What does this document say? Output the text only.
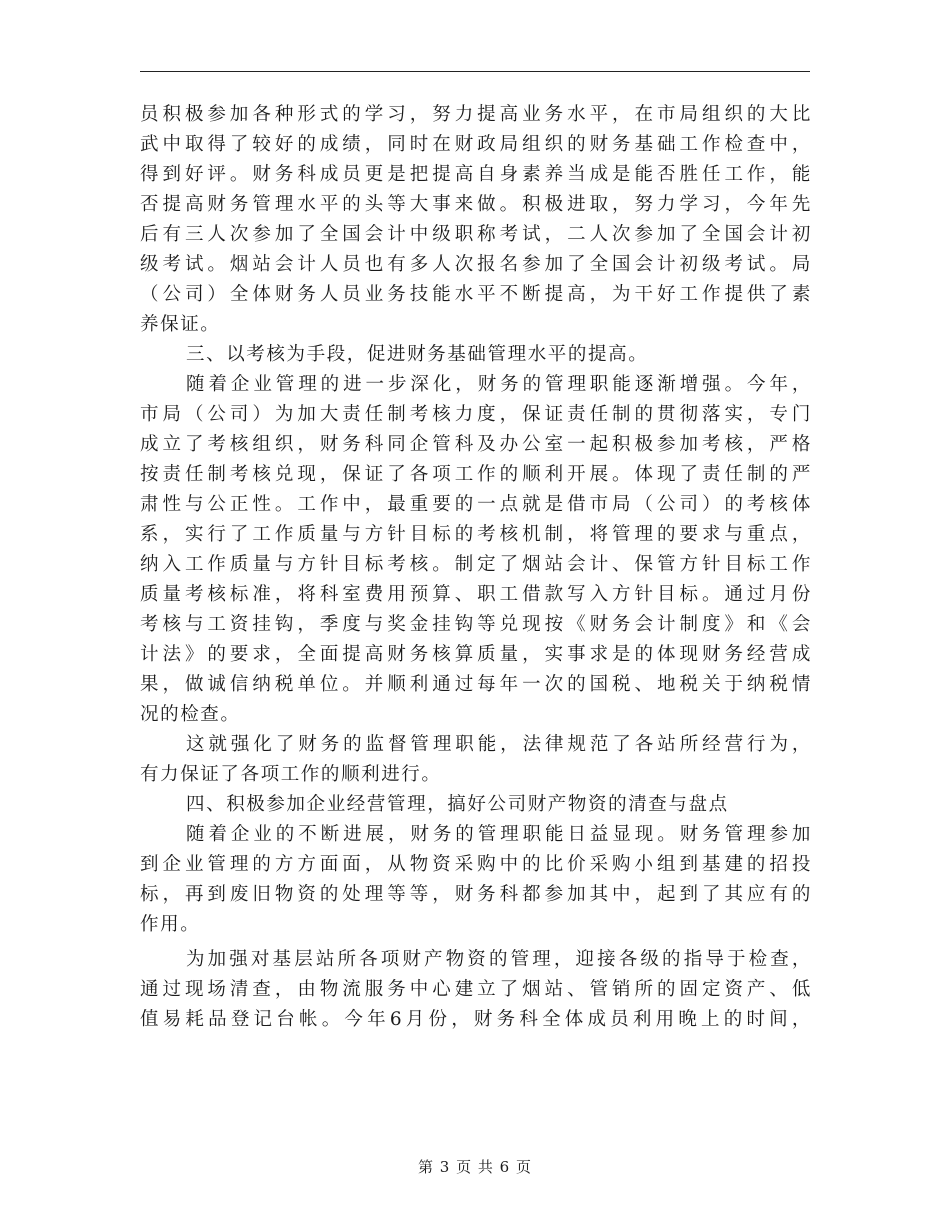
员积极参加各种形式的学习，努力提高业务水平，在市局组织的大比
武中取得了较好的成绩，同时在财政局组织的财务基础工作检查中，
得到好评。财务科成员更是把提高自身素养当成是能否胜任工作，能
否提高财务管理水平的头等大事来做。积极进取，努力学习，今年先
后有三人次参加了全国会计中级职称考试，二人次参加了全国会计初
级考试。烟站会计人员也有多人次报名参加了全国会计初级考试。局
（公司）全体财务人员业务技能水平不断提高，为干好工作提供了素
养保证。
三、以考核为手段，促进财务基础管理水平的提高。
随着企业管理的进一步深化，财务的管理职能逐渐增强。今年，
市局（公司）为加大责任制考核力度，保证责任制的贯彻落实，专门
成立了考核组织，财务科同企管科及办公室一起积极参加考核，严格
按责任制考核兑现，保证了各项工作的顺利开展。体现了责任制的严
肃性与公正性。工作中，最重要的一点就是借市局（公司）的考核体
系，实行了工作质量与方针目标的考核机制，将管理的要求与重点，
纳入工作质量与方针目标考核。制定了烟站会计、保管方针目标工作
质量考核标准，将科室费用预算、职工借款写入方针目标。通过月份
考核与工资挂钩，季度与奖金挂钩等兑现按《财务会计制度》和《会
计法》的要求，全面提高财务核算质量，实事求是的体现财务经营成
果，做诚信纳税单位。并顺利通过每年一次的国税、地税关于纳税情
况的检查。
这就强化了财务的监督管理职能，法律规范了各站所经营行为，
有力保证了各项工作的顺利进行。
四、积极参加企业经营管理，搞好公司财产物资的清查与盘点
随着企业的不断进展，财务的管理职能日益显现。财务管理参加
到企业管理的方方面面，从物资采购中的比价采购小组到基建的招投
标，再到废旧物资的处理等等，财务科都参加其中，起到了其应有的
作用。
为加强对基层站所各项财产物资的管理，迎接各级的指导于检查，
通过现场清查，由物流服务中心建立了烟站、管销所的固定资产、低
值易耗品登记台帐。今年6月份，财务科全体成员利用晚上的时间，
第 3 页 共 6 页
